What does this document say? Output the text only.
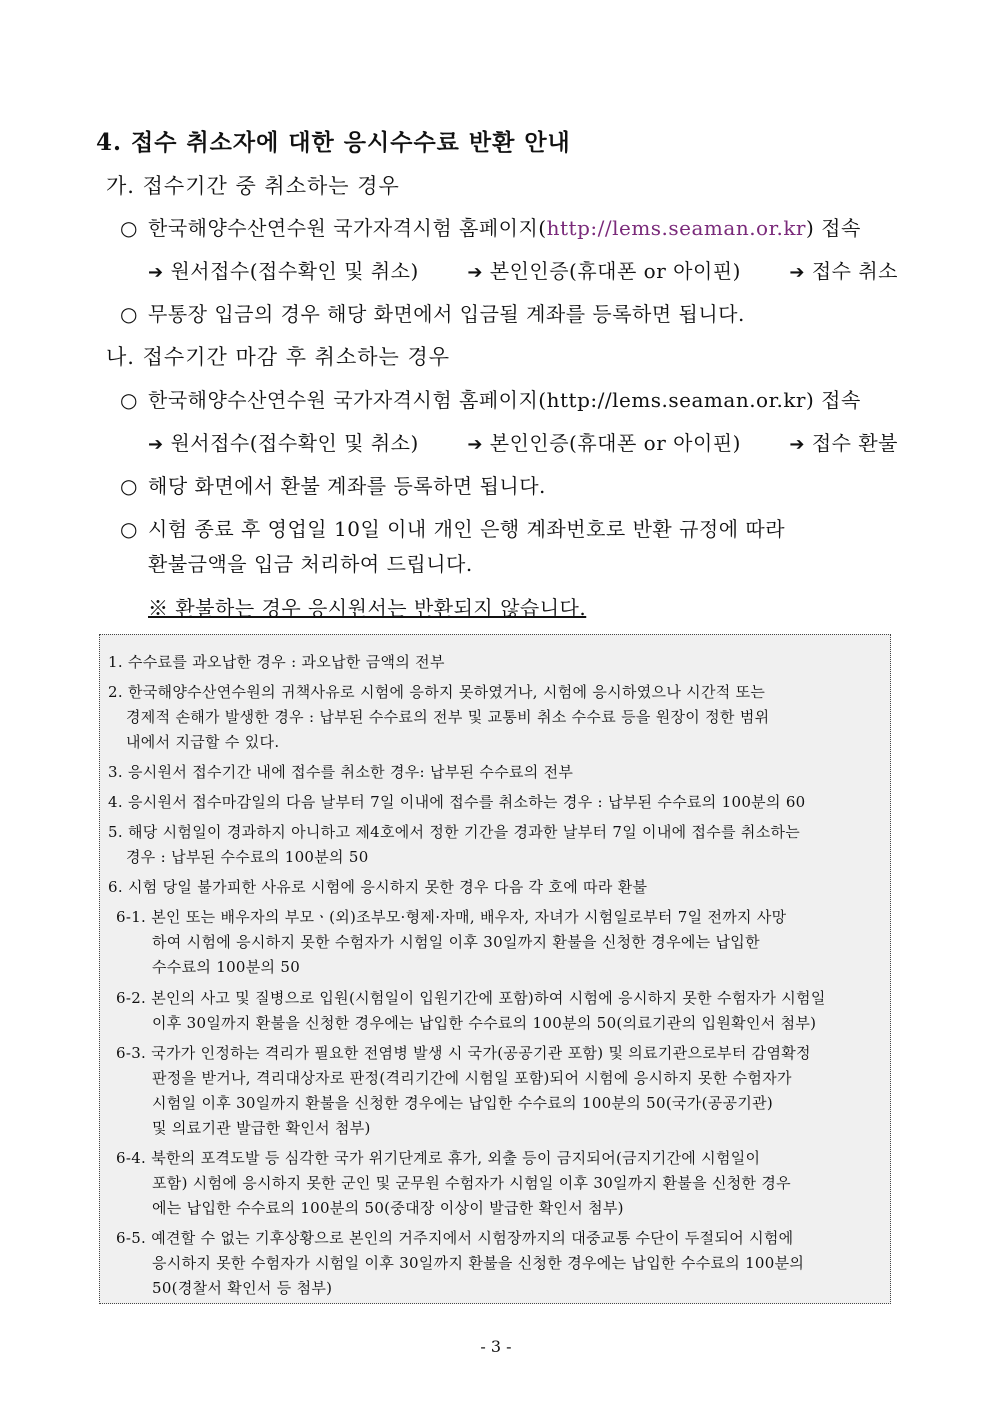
4. 접수 취소자에 대한 응시수수료 반환 안내
가. 접수기간 중 취소하는 경우
○ 한국해양수산연수원 국가자격시험 홈페이지(http://lems.seaman.or.kr) 접속
➔ 원서접수(접수확인 및 취소)	➔ 본인인증(휴대폰 or 아이핀)	➔ 접수 취소
○ 무통장 입금의 경우 해당 화면에서 입금될 계좌를 등록하면 됩니다.
나. 접수기간 마감 후 취소하는 경우
○ 한국해양수산연수원 국가자격시험 홈페이지(http://lems.seaman.or.kr) 접속
➔ 원서접수(접수확인 및 취소)	➔ 본인인증(휴대폰 or 아이핀)	➔ 접수 환불
○ 해당 화면에서 환불 계좌를 등록하면 됩니다.
○ 시험 종료 후 영업일 10일 이내 개인 은행 계좌번호로 반환 규정에 따라
환불금액을 입금 처리하여 드립니다.
※ 환불하는 경우 응시원서는 반환되지 않습니다.
1. 수수료를 과오납한 경우 : 과오납한 금액의 전부
2. 한국해양수산연수원의 귀책사유로 시험에 응하지 못하였거나, 시험에 응시하였으나 시간적 또는
경제적 손해가 발생한 경우 : 납부된 수수료의 전부 및 교통비 취소 수수료 등을 원장이 정한 범위
내에서 지급할 수 있다.
3. 응시원서 접수기간 내에 접수를 취소한 경우: 납부된 수수료의 전부
4. 응시원서 접수마감일의 다음 날부터 7일 이내에 접수를 취소하는 경우 : 납부된 수수료의 100분의 60
5. 해당 시험일이 경과하지 아니하고 제4호에서 정한 기간을 경과한 날부터 7일 이내에 접수를 취소하는
경우 : 납부된 수수료의 100분의 50
6. 시험 당일 불가피한 사유로 시험에 응시하지 못한 경우 다음 각 호에 따라 환불
6-1. 본인 또는 배우자의 부모ㆍ(외)조부모·형제·자매, 배우자, 자녀가 시험일로부터 7일 전까지 사망
하여 시험에 응시하지 못한 수험자가 시험일 이후 30일까지 환불을 신청한 경우에는 납입한
수수료의 100분의 50
6-2. 본인의 사고 및 질병으로 입원(시험일이 입원기간에 포함)하여 시험에 응시하지 못한 수험자가 시험일
이후 30일까지 환불을 신청한 경우에는 납입한 수수료의 100분의 50(의료기관의 입원확인서 첨부)
6-3. 국가가 인정하는 격리가 필요한 전염병 발생 시 국가(공공기관 포함) 및 의료기관으로부터 감염확정
판정을 받거나, 격리대상자로 판정(격리기간에 시험일 포함)되어 시험에 응시하지 못한 수험자가
시험일 이후 30일까지 환불을 신청한 경우에는 납입한 수수료의 100분의 50(국가(공공기관)
및 의료기관 발급한 확인서 첨부)
6-4. 북한의 포격도발 등 심각한 국가 위기단계로 휴가, 외출 등이 금지되어(금지기간에 시험일이
포함) 시험에 응시하지 못한 군인 및 군무원 수험자가 시험일 이후 30일까지 환불을 신청한 경우
에는 납입한 수수료의 100분의 50(중대장 이상이 발급한 확인서 첨부)
6-5. 예견할 수 없는 기후상황으로 본인의 거주지에서 시험장까지의 대중교통 수단이 두절되어 시험에
응시하지 못한 수험자가 시험일 이후 30일까지 환불을 신청한 경우에는 납입한 수수료의 100분의
50(경찰서 확인서 등 첨부)
- 3 -
